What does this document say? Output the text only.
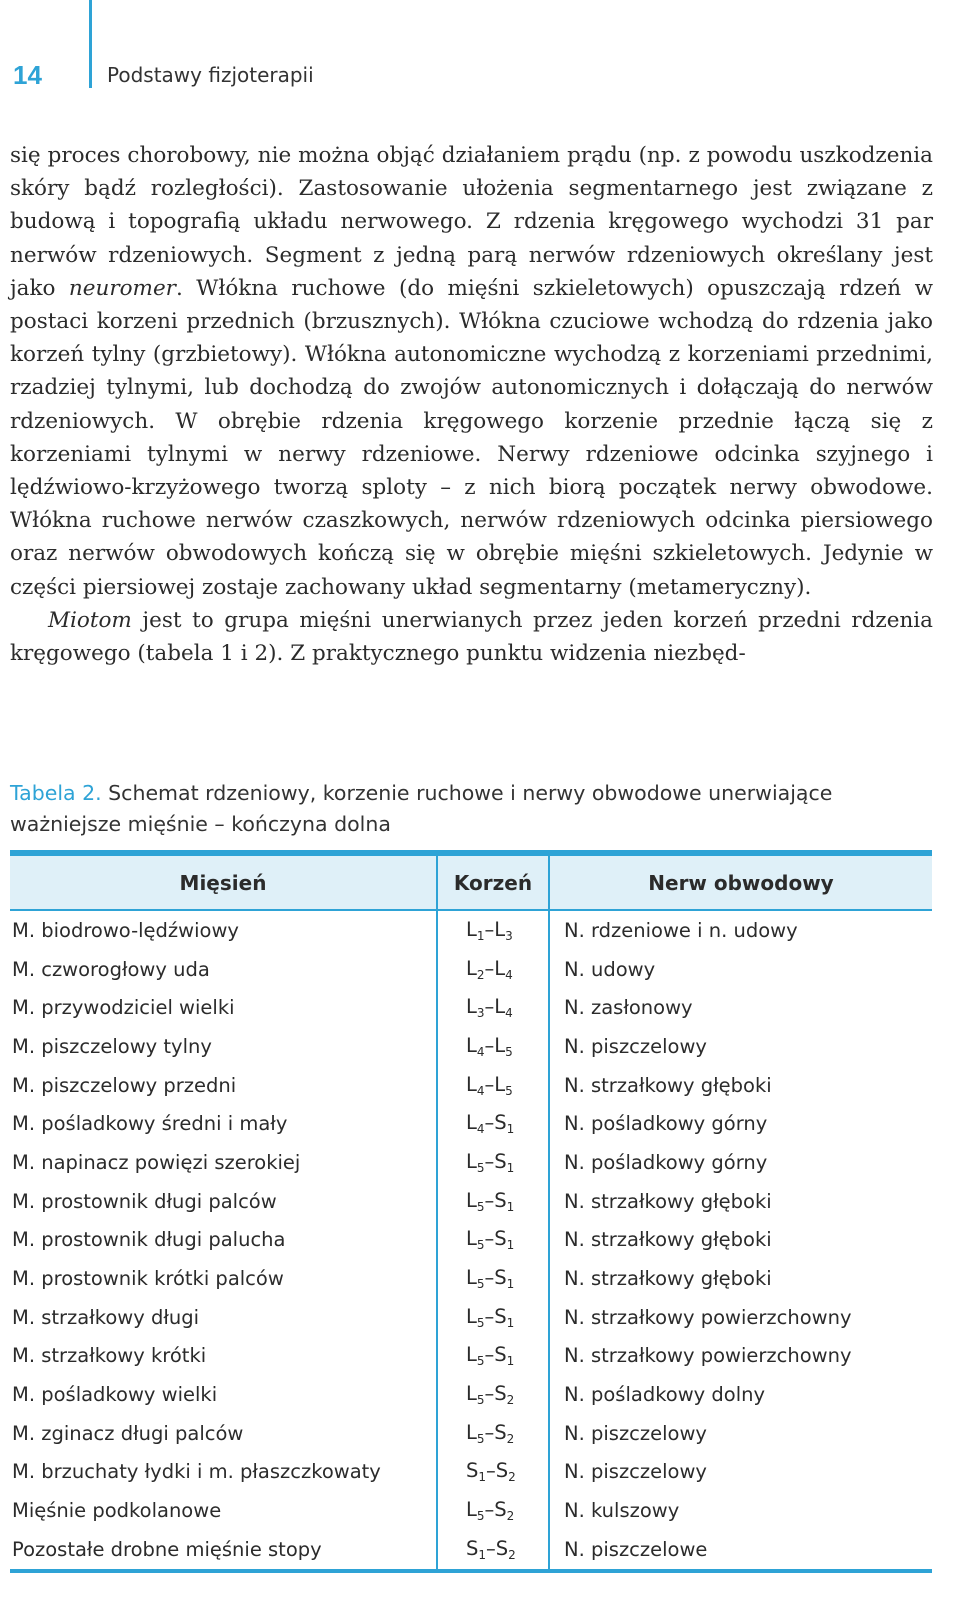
14	Podstawy fizjoterapii

się proces chorobowy, nie można objąć działaniem prądu (np. z powodu uszkodzenia skóry bądź rozległości). Zastosowanie ułożenia segmentarnego jest związane z budową i topografią układu nerwowego. Z rdzenia kręgowego wychodzi 31 par nerwów rdzeniowych. Segment z jedną parą nerwów rdzeniowych określany jest jako neuromer. Włókna ruchowe (do mięśni szkieletowych) opuszczają rdzeń w postaci korzeni przednich (brzusznych). Włókna czuciowe wchodzą do rdzenia jako korzeń tylny (grzbietowy). Włókna autonomiczne wychodzą z korzeniami przednimi, rzadziej tylnymi, lub dochodzą do zwojów autonomicznych i dołączają do nerwów rdzeniowych. W obrębie rdzenia kręgowego korzenie przednie łączą się z korzeniami tylnymi w nerwy rdzeniowe. Nerwy rdzeniowe odcinka szyjnego i lędźwiowo-krzyżowego tworzą sploty – z nich biorą początek nerwy obwodowe. Włókna ruchowe nerwów czaszkowych, nerwów rdzeniowych odcinka piersiowego oraz nerwów obwodowych kończą się w obrębie mięśni szkieletowych. Jedynie w części piersiowej zostaje zachowany układ segmentarny (metameryczny).

Miotom jest to grupa mięśni unerwianych przez jeden korzeń przedni rdzenia kręgowego (tabela 1 i 2). Z praktycznego punktu widzenia niezbęd-

Tabela 2. Schemat rdzeniowy, korzenie ruchowe i nerwy obwodowe unerwiające ważniejsze mięśnie – kończyna dolna
Mięsień	Korzeń	Nerw obwodowy
M. biodrowo-lędźwiowy	$L_1-L_3$	N. rdzeniowe i n. udowy
M. czworogłowy uda	$L_2-L_4$	N. udowy
M. przywodziciel wielki	$L_3-L_4$	N. zasłonowy
M. piszczelowy tylny	$L_4-L_5$	N. piszczelowy
M. piszczelowy przedni	$L_4-L_5$	N. strzałkowy głęboki
M. pośladkowy średni i mały	$L_4-S_1$	N. pośladkowy górny
M. napinacz powięzi szerokiej	$L_5-S_1$	N. pośladkowy górny
M. prostownik długi palców	$L_5-S_1$	N. strzałkowy głęboki
M. prostownik długi palucha	$L_5-S_1$	N. strzałkowy głęboki
M. prostownik krótki palców	$L_5-S_1$	N. strzałkowy głęboki
M. strzałkowy długi	$L_5-S_1$	N. strzałkowy powierzchowny
M. strzałkowy krótki	$L_5-S_1$	N. strzałkowy powierzchowny
M. pośladkowy wielki	$L_5-S_2$	N. pośladkowy dolny
M. zginacz długi palców	$L_5-S_2$	N. piszczelowy
M. brzuchaty łydki i m. płaszczkowaty	$S_1-S_2$	N. piszczelowy
Mięśnie podkolanowe	$L_5-S_2$	N. kulszowy
Pozostałe drobne mięśnie stopy	$S_1-S_2$	N. piszczelowe
